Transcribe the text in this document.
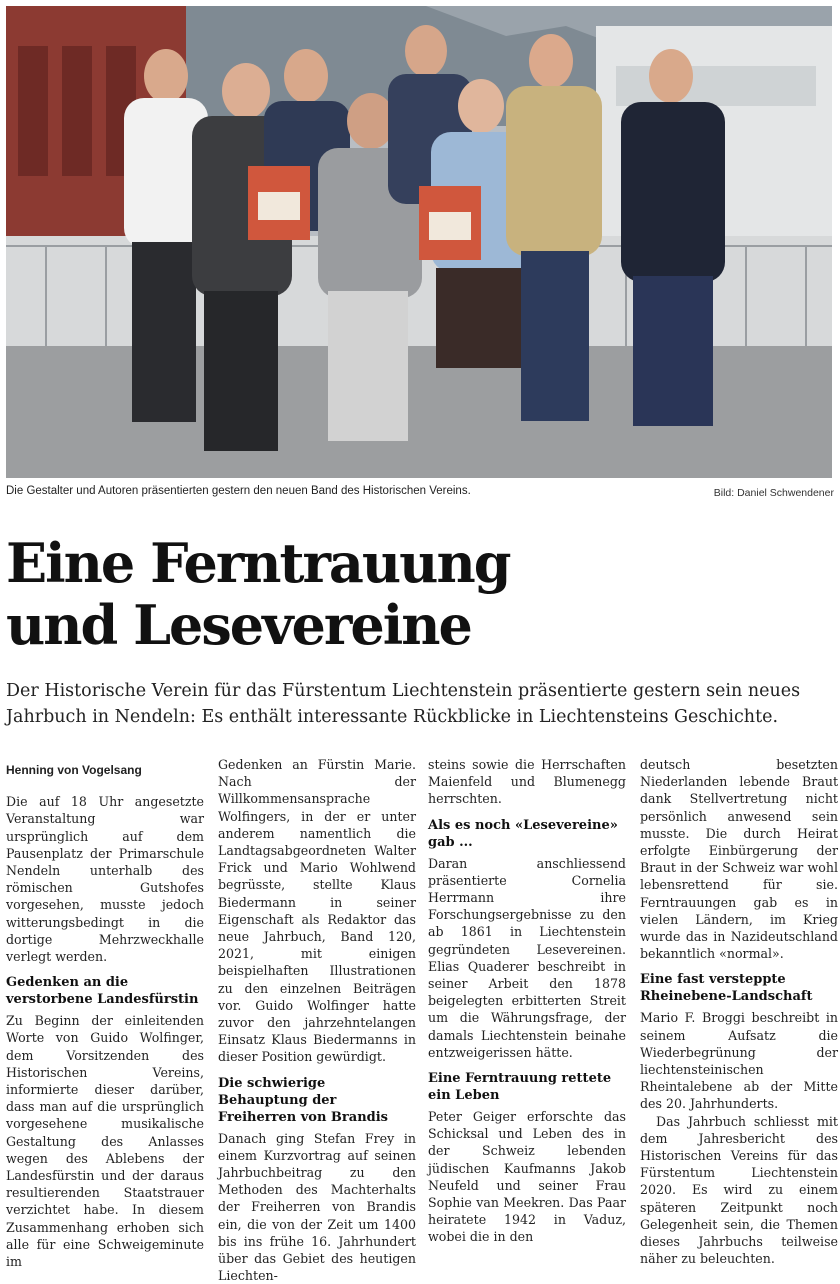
Die Gestalter und Autoren präsentierten gestern den neuen Band des Historischen Vereins.	Bild: Daniel Schwendener
Eine Ferntrauung
und Lesevereine
Der Historische Verein für das Fürstentum Liechtenstein präsentierte gestern sein neues Jahrbuch in Nendeln: Es enthält interessante Rückblicke in Liechtensteins Geschichte.
Henning von Vogelsang

Die auf 18 Uhr angesetzte Veranstaltung war ursprünglich auf dem Pausenplatz der Primarschule Nendeln unterhalb des römischen Gutshofes vorgesehen, musste jedoch witterungsbedingt in die dortige Mehrzweckhalle verlegt werden.

Gedenken an die verstorbene Landesfürstin

Zu Beginn der einleitenden Worte von Guido Wolfinger, dem Vorsitzenden des Historischen Vereins, informierte dieser darüber, dass man auf die ursprünglich vorgesehene musikalische Gestaltung des Anlasses wegen des Ablebens der Landesfürstin und der daraus resultierenden Staatstrauer verzichtet habe. In diesem Zusammenhang erhoben sich alle für eine Schweigeminute im

Gedenken an Fürstin Marie. Nach der Willkommensansprache Wolfingers, in der er unter anderem namentlich die Landtagsabgeordneten Walter Frick und Mario Wohlwend begrüsste, stellte Klaus Biedermann in seiner Eigenschaft als Redaktor das neue Jahrbuch, Band 120, 2021, mit einigen beispielhaften Illustrationen zu den einzelnen Beiträgen vor. Guido Wolfinger hatte zuvor den jahrzehntelangen Einsatz Klaus Biedermanns in dieser Position gewürdigt.

Die schwierige Behauptung der Freiherren von Brandis

Danach ging Stefan Frey in einem Kurzvortrag auf seinen Jahrbuchbeitrag zu den Methoden des Machterhalts der Freiherren von Brandis ein, die von der Zeit um 1400 bis ins frühe 16. Jahrhundert über das Gebiet des heutigen Liechten-

steins sowie die Herrschaften Maienfeld und Blumenegg herrschten.

Als es noch «Lesevereine» gab ...

Daran anschliessend präsentierte Cornelia Herrmann ihre Forschungsergebnisse zu den ab 1861 in Liechtenstein gegründeten Lesevereinen. Elias Quaderer beschreibt in seiner Arbeit den 1878 beigelegten erbitterten Streit um die Währungsfrage, der damals Liechtenstein beinahe entzweigerissen hätte.

Eine Ferntrauung rettete ein Leben

Peter Geiger erforschte das Schicksal und Leben des in der Schweiz lebenden jüdischen Kaufmanns Jakob Neufeld und seiner Frau Sophie van Meekren. Das Paar heiratete 1942 in Vaduz, wobei die in den

deutsch besetzten Niederlanden lebende Braut dank Stellvertretung nicht persönlich anwesend sein musste. Die durch Heirat erfolgte Einbürgerung der Braut in der Schweiz war wohl lebensrettend für sie. Ferntrauungen gab es in vielen Ländern, im Krieg wurde das in Nazideutschland bekanntlich «normal».

Eine fast versteppte Rheinebene-Landschaft

Mario F. Broggi beschreibt in seinem Aufsatz die Wiederbegrünung der liechtensteinischen Rheintalebene ab der Mitte des 20. Jahrhunderts.

Das Jahrbuch schliesst mit dem Jahresbericht des Historischen Vereins für das Fürstentum Liechtenstein 2020. Es wird zu einem späteren Zeitpunkt noch Gelegenheit sein, die Themen dieses Jahrbuchs teilweise näher zu beleuchten.
